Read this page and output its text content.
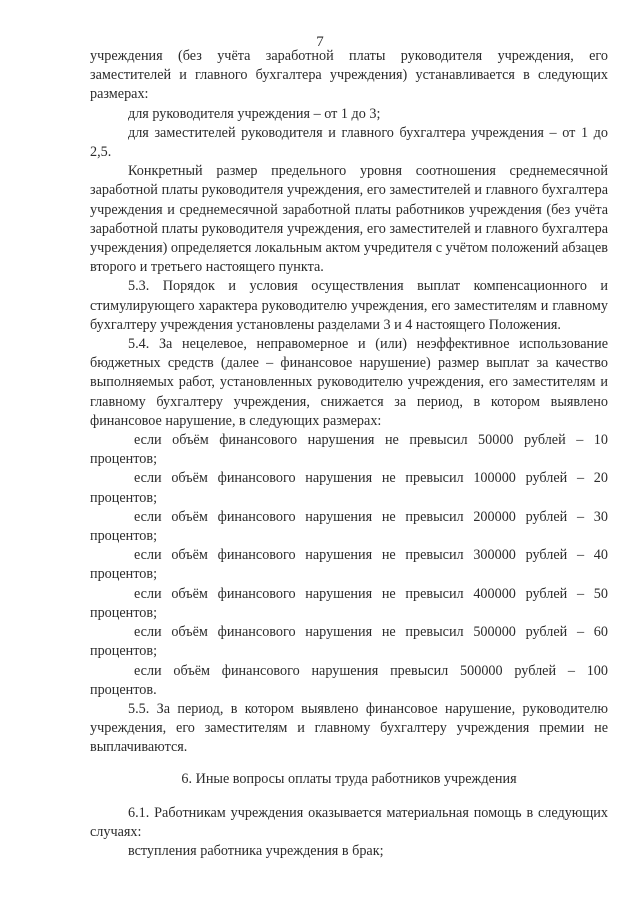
7

учреждения (без учёта заработной платы руководителя учреждения, его заместителей и главного бухгалтера учреждения) устанавливается в следующих размерах:

для руководителя учреждения – от 1 до 3;

для заместителей руководителя и главного бухгалтера учреждения – от 1 до 2,5.

Конкретный размер предельного уровня соотношения среднемесячной заработной платы руководителя учреждения, его заместителей и главного бухгалтера учреждения и среднемесячной заработной платы работников учреждения (без учёта заработной платы руководителя учреждения, его заместителей и главного бухгалтера учреждения) определяется локальным актом учредителя с учётом положений абзацев второго и третьего настоящего пункта.

5.3. Порядок и условия осуществления выплат компенсационного и стимулирующего характера руководителю учреждения, его заместителям и главному бухгалтеру учреждения установлены разделами 3 и 4 настоящего Положения.

5.4. За нецелевое, неправомерное и (или) неэффективное использование бюджетных средств (далее – финансовое нарушение) размер выплат за качество выполняемых работ, установленных руководителю учреждения, его заместителям и главному бухгалтеру учреждения, снижается за период, в котором выявлено финансовое нарушение, в следующих размерах:

если объём финансового нарушения не превысил 50000 рублей – 10 процентов;

если объём финансового нарушения не превысил 100000 рублей – 20 процентов;

если объём финансового нарушения не превысил 200000 рублей – 30 процентов;

если объём финансового нарушения не превысил 300000 рублей – 40 процентов;

если объём финансового нарушения не превысил 400000 рублей – 50 процентов;

если объём финансового нарушения не превысил 500000 рублей – 60 процентов;

если объём финансового нарушения превысил 500000 рублей – 100 процентов.

5.5. За период, в котором выявлено финансовое нарушение, руководителю учреждения, его заместителям и главному бухгалтеру учреждения премии не выплачиваются.

6. Иные вопросы оплаты труда работников учреждения

6.1. Работникам учреждения оказывается материальная помощь в следующих случаях:

вступления работника учреждения в брак;
